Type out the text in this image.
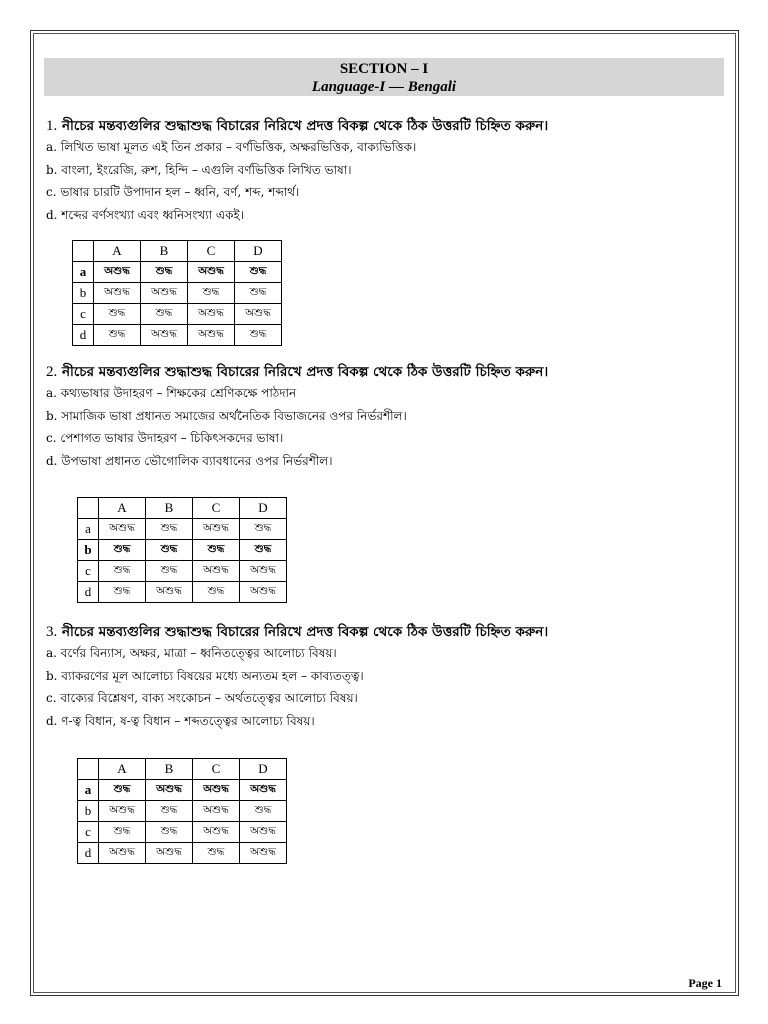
SECTION – I
Language-I — Bengali
1. নীচের মন্তব্যগুলির শুদ্ধাশুদ্ধ বিচারের নিরিখে প্রদত্ত বিকল্প থেকে ঠিক উত্তরটি চিহ্নিত করুন।
a. লিখিত ভাষা মূলত এই তিন প্রকার – বর্ণভিত্তিক, অক্ষরভিত্তিক, বাক্যভিত্তিক।
b. বাংলা, ইংরেজি, রুশ, হিন্দি – এগুলি বর্ণভিত্তিক লিখিত ভাষা।
c. ভাষার চারটি উপাদান হল – ধ্বনি, বর্ণ, শব্দ, শব্দার্থ।
d. শব্দের বর্ণসংখ্যা এবং ধ্বনিসংখ্যা একই।
	A	B	C	D
a	অশুদ্ধ	শুদ্ধ	অশুদ্ধ	শুদ্ধ
b	অশুদ্ধ	অশুদ্ধ	শুদ্ধ	শুদ্ধ
c	শুদ্ধ	শুদ্ধ	অশুদ্ধ	অশুদ্ধ
d	শুদ্ধ	অশুদ্ধ	অশুদ্ধ	শুদ্ধ
2. নীচের মন্তব্যগুলির শুদ্ধাশুদ্ধ বিচারের নিরিখে প্রদত্ত বিকল্প থেকে ঠিক উত্তরটি চিহ্নিত করুন।
a. কথ্যভাষার উদাহরণ – শিক্ষকের শ্রেণিকক্ষে পাঠদান
b. সামাজিক ভাষা প্রধানত সমাজের অর্থনৈতিক বিভাজনের ওপর নির্ভরশীল।
c. পেশাগত ভাষার উদাহরণ – চিকিৎসকদের ভাষা।
d. উপভাষা প্রধানত ভৌগোলিক ব্যাবধানের ওপর নির্ভরশীল।
	A	B	C	D
a	অশুদ্ধ	শুদ্ধ	অশুদ্ধ	শুদ্ধ
b	শুদ্ধ	শুদ্ধ	শুদ্ধ	শুদ্ধ
c	শুদ্ধ	শুদ্ধ	অশুদ্ধ	অশুদ্ধ
d	শুদ্ধ	অশুদ্ধ	শুদ্ধ	অশুদ্ধ
3. নীচের মন্তব্যগুলির শুদ্ধাশুদ্ধ বিচারের নিরিখে প্রদত্ত বিকল্প থেকে ঠিক উত্তরটি চিহ্নিত করুন।
a. বর্ণের বিন্যাস, অক্ষর, মাত্রা – ধ্বনিতত্ত্বের আলোচ্য বিষয়।
b. ব্যাকরণের মূল আলোচ্য বিষয়ের মধ্যে অন্যতম হল – কাব্যতত্ত্ব।
c. বাক্যের বিশ্লেষণ, বাক্য সংকোচন – অর্থতত্ত্বের আলোচ্য বিষয়।
d. ণ-ত্ব বিধান, ষ-ত্ব বিধান – শব্দতত্ত্বের আলোচ্য বিষয়।
	A	B	C	D
a	শুদ্ধ	অশুদ্ধ	অশুদ্ধ	অশুদ্ধ
b	অশুদ্ধ	শুদ্ধ	অশুদ্ধ	শুদ্ধ
c	শুদ্ধ	শুদ্ধ	অশুদ্ধ	অশুদ্ধ
d	অশুদ্ধ	অশুদ্ধ	শুদ্ধ	অশুদ্ধ
Page 1
